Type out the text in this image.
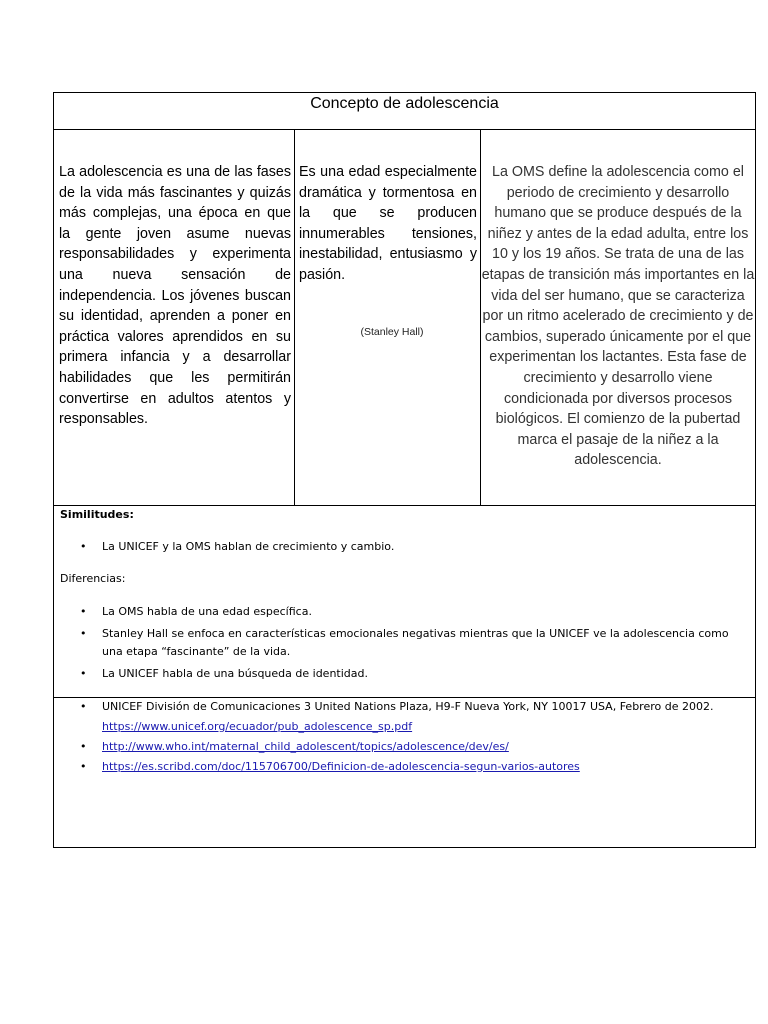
Concepto de adolescencia
La adolescencia es una de las fases de la vida más fascinantes y quizás más complejas, una época en que la gente joven asume nuevas responsabilidades y experimenta una nueva sensación de independencia. Los jóvenes buscan su identidad, aprenden a poner en práctica valores aprendidos en su primera infancia y a desarrollar habilidades que les permitirán convertirse en adultos atentos y responsables.
Es una edad especialmente dramática y tormentosa en la que se producen innumerables tensiones, inestabilidad, entusiasmo y pasión.
(Stanley Hall)
La OMS define la adolescencia como el periodo de crecimiento y desarrollo humano que se produce después de la niñez y antes de la edad adulta, entre los 10 y los 19 años. Se trata de una de las etapas de transición más importantes en la vida del ser humano, que se caracteriza por un ritmo acelerado de crecimiento y de cambios, superado únicamente por el que experimentan los lactantes. Esta fase de crecimiento y desarrollo viene condicionada por diversos procesos biológicos. El comienzo de la pubertad marca el pasaje de la niñez a la adolescencia.
Similitudes:
• La UNICEF y la OMS hablan de crecimiento y cambio.
Diferencias:
• La OMS habla de una edad específica.
• Stanley Hall se enfoca en características emocionales negativas mientras que la UNICEF ve la adolescencia como una etapa “fascinante” de la vida.
• La UNICEF habla de una búsqueda de identidad.
• UNICEF División de Comunicaciones 3 United Nations Plaza, H9-F Nueva York, NY 10017 USA, Febrero de 2002.
https://www.unicef.org/ecuador/pub_adolescence_sp.pdf
• http://www.who.int/maternal_child_adolescent/topics/adolescence/dev/es/
• https://es.scribd.com/doc/115706700/Definicion-de-adolescencia-segun-varios-autores
